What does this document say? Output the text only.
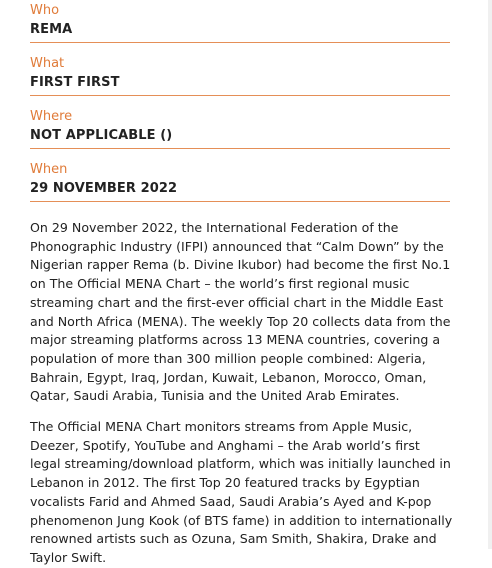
Who
REMA
What
FIRST FIRST
Where
NOT APPLICABLE ()
When
29 NOVEMBER 2022

On 29 November 2022, the International Federation of the Phonographic Industry (IFPI) announced that “Calm Down” by the Nigerian rapper Rema (b. Divine Ikubor) had become the first No.1 on The Official MENA Chart – the world’s first regional music streaming chart and the first-ever official chart in the Middle East and North Africa (MENA). The weekly Top 20 collects data from the major streaming platforms across 13 MENA countries, covering a population of more than 300 million people combined: Algeria, Bahrain, Egypt, Iraq, Jordan, Kuwait, Lebanon, Morocco, Oman, Qatar, Saudi Arabia, Tunisia and the United Arab Emirates.

The Official MENA Chart monitors streams from Apple Music, Deezer, Spotify, YouTube and Anghami – the Arab world’s first legal streaming/download platform, which was initially launched in Lebanon in 2012. The first Top 20 featured tracks by Egyptian vocalists Farid and Ahmed Saad, Saudi Arabia’s Ayed and K-pop phenomenon Jung Kook (of BTS fame) in addition to internationally renowned artists such as Ozuna, Sam Smith, Shakira, Drake and Taylor Swift.
